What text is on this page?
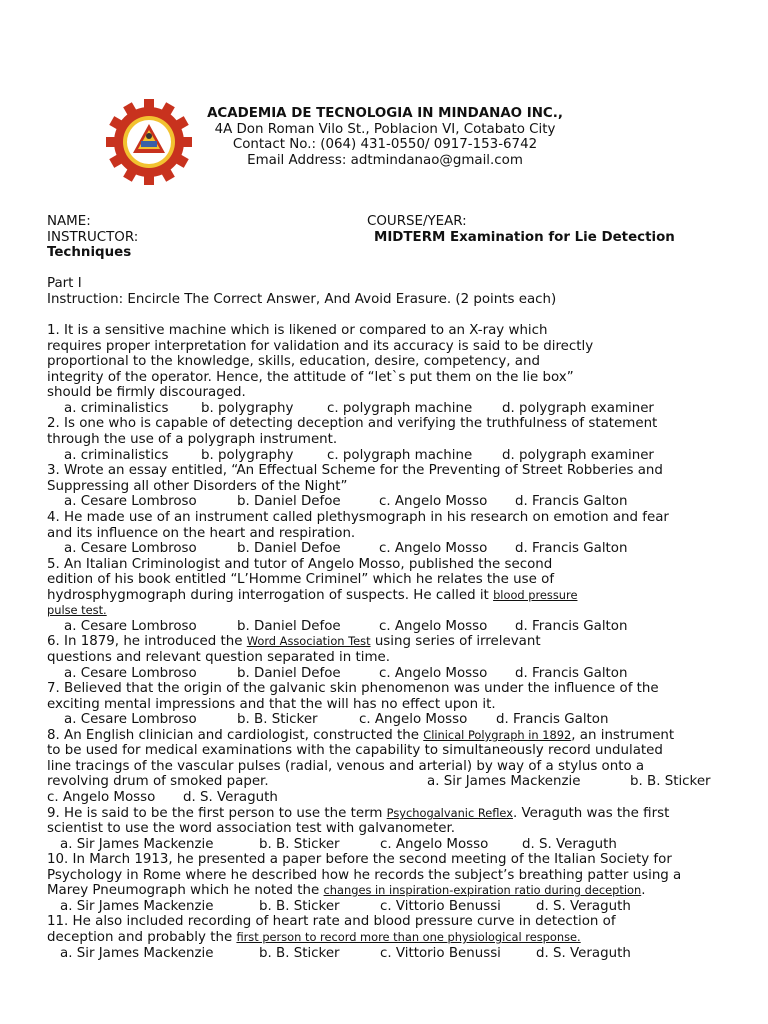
ACADEMIA DE TECNOLOGIA IN MINDANAO INC.,
4A Don Roman Vilo St., Poblacion VI, Cotabato City
Contact No.: (064) 431-0550/ 0917-153-6742
Email Address: adtmindanao@gmail.com
NAME:	COURSE/YEAR:
INSTRUCTOR:	MIDTERM Examination for Lie Detection
Techniques
Part I
Instruction: Encircle The Correct Answer, And Avoid Erasure. (2 points each)
1. It is a sensitive machine which is likened or compared to an X-ray which
requires proper interpretation for validation and its accuracy is said to be directly
proportional to the knowledge, skills, education, desire, competency, and
integrity of the operator. Hence, the attitude of “let`s put them on the lie box”
should be firmly discouraged.
a. criminalistics b. polygraphy	c. polygraph machine d. polygraph examiner
2. Is one who is capable of detecting deception and verifying the truthfulness of statement
through the use of a polygraph instrument.
a. criminalistics b. polygraphy	c. polygraph machine d. polygraph examiner
3. Wrote an essay entitled, “An Effectual Scheme for the Preventing of Street Robberies and
Suppressing all other Disorders of the Night”
a. Cesare Lombroso	b. Daniel Defoe	c. Angelo Mosso d. Francis Galton
4. He made use of an instrument called plethysmograph in his research on emotion and fear
and its influence on the heart and respiration.
a. Cesare Lombroso	b. Daniel Defoe	c. Angelo Mosso d. Francis Galton
5. An Italian Criminologist and tutor of Angelo Mosso, published the second
edition of his book entitled “L’Homme Criminel” which he relates the use of
hydrosphygmograph during interrogation of suspects. He called it blood pressure
pulse test.
a. Cesare Lombroso	b. Daniel Defoe	c. Angelo Mosso d. Francis Galton
6. In 1879, he introduced the Word Association Test using series of irrelevant
questions and relevant question separated in time.
a. Cesare Lombroso	b. Daniel Defoe	c. Angelo Mosso d. Francis Galton
7. Believed that the origin of the galvanic skin phenomenon was under the influence of the
exciting mental impressions and that the will has no effect upon it.
a. Cesare Lombroso	b. B. Sticker	c. Angelo Mosso d. Francis Galton
8. An English clinician and cardiologist, constructed the Clinical Polygraph in 1892, an instrument
to be used for medical examinations with the capability to simultaneously record undulated
line tracings of the vascular pulses (radial, venous and arterial) by way of a stylus onto a
revolving drum of smoked paper.	a. Sir James Mackenzie	b. B. Sticker
c. Angelo Mosso d. S. Veraguth
9. He is said to be the first person to use the term Psychogalvanic Reflex. Veraguth was the first
scientist to use the word association test with galvanometer.
a. Sir James Mackenzie	b. B. Sticker	c. Angelo Mosso	d. S. Veraguth
10. In March 1913, he presented a paper before the second meeting of the Italian Society for
Psychology in Rome where he described how he records the subject’s breathing patter using a
Marey Pneumograph which he noted the changes in inspiration-expiration ratio during deception.
a. Sir James Mackenzie	b. B. Sticker	c. Vittorio Benussi	d. S. Veraguth
11. He also included recording of heart rate and blood pressure curve in detection of
deception and probably the first person to record more than one physiological response.
a. Sir James Mackenzie	b. B. Sticker	c. Vittorio Benussi	d. S. Veraguth
